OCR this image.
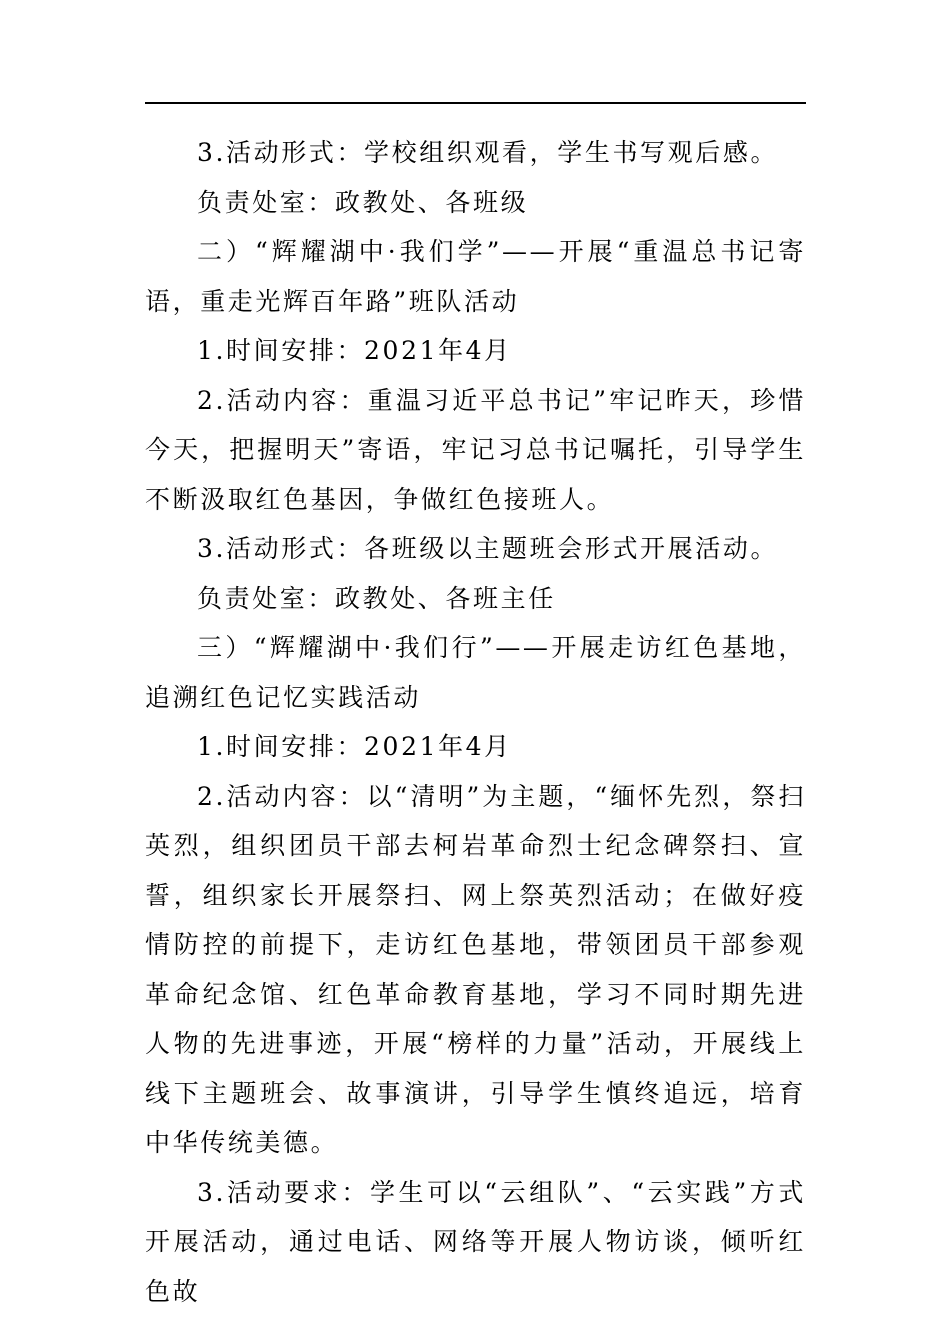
3.活动形式：学校组织观看，学生书写观后感。

负责处室：政教处、各班级

二）“辉耀湖中·我们学”——开展“重温总书记寄语，重走光辉百年路”班队活动

1.时间安排：2021年4月

2.活动内容：重温习近平总书记”牢记昨天，珍惜今天，把握明天”寄语，牢记习总书记嘱托，引导学生不断汲取红色基因，争做红色接班人。

3.活动形式：各班级以主题班会形式开展活动。

负责处室：政教处、各班主任

三）“辉耀湖中·我们行”——开展走访红色基地，追溯红色记忆实践活动

1.时间安排：2021年4月

2.活动内容：以“清明”为主题，“缅怀先烈，祭扫英烈，组织团员干部去柯岩革命烈士纪念碑祭扫、宣誓，组织家长开展祭扫、网上祭英烈活动；在做好疫情防控的前提下，走访红色基地，带领团员干部参观革命纪念馆、红色革命教育基地，学习不同时期先进人物的先进事迹，开展“榜样的力量”活动，开展线上线下主题班会、故事演讲，引导学生慎终追远，培育中华传统美德。

3.活动要求：学生可以“云组队”、“云实践”方式开展活动，通过电话、网络等开展人物访谈，倾听红色故
